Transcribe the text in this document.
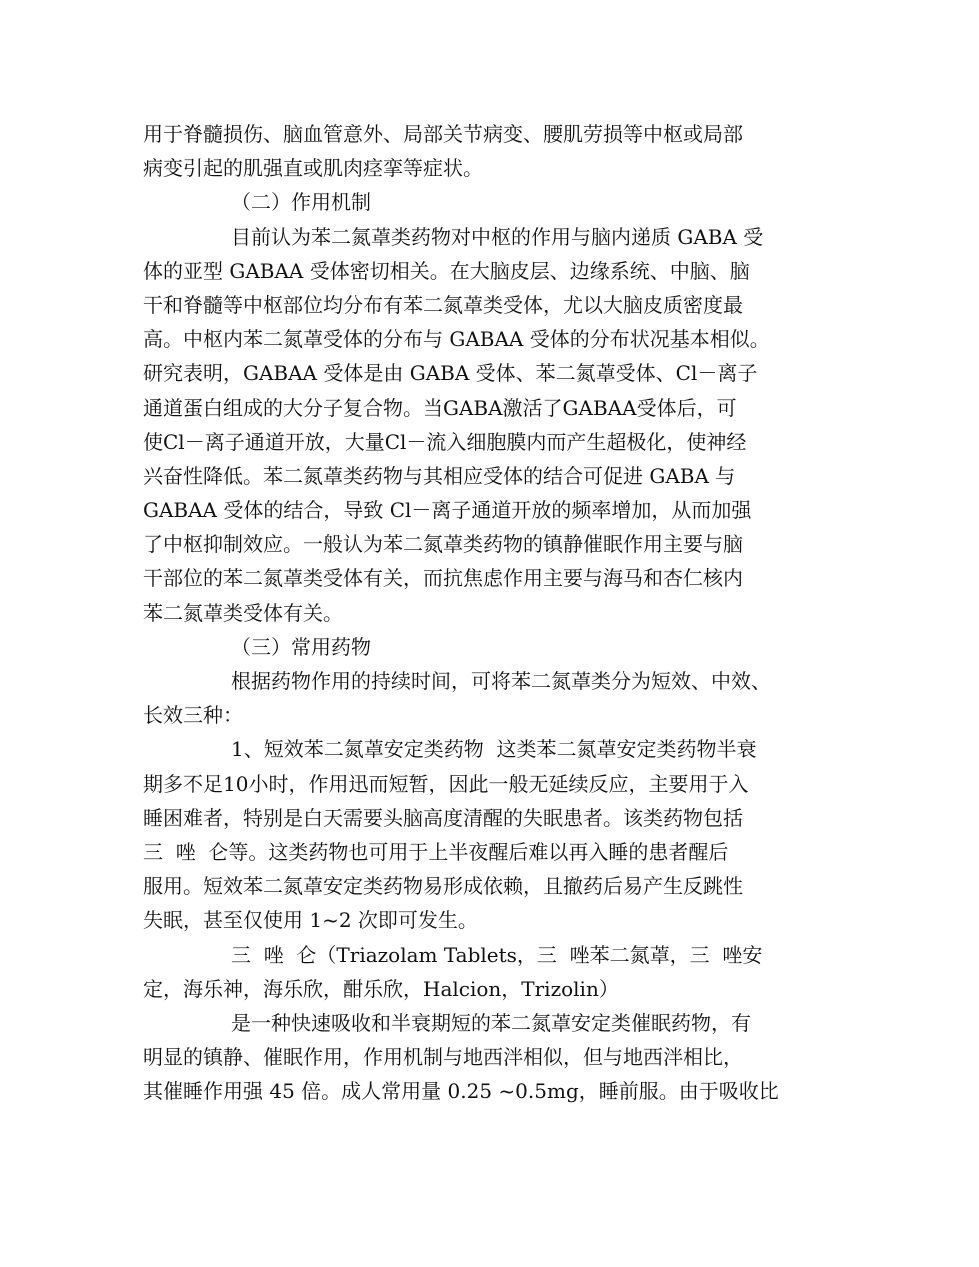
用于脊髓损伤、脑血管意外、局部关节病变、腰肌劳损等中枢或局部
病变引起的肌强直或肌肉痉挛等症状。
（二）作用机制
目前认为苯二氮䓬类药物对中枢的作用与脑内递质 GABA 受
体的亚型 GABAA 受体密切相关。在大脑皮层、边缘系统、中脑、脑
干和脊髓等中枢部位均分布有苯二氮䓬类受体，尤以大脑皮质密度最
高。中枢内苯二氮䓬受体的分布与 GABAA 受体的分布状况基本相似。
研究表明，GABAA 受体是由 GABA 受体、苯二氮䓬受体、Cl－离子
通道蛋白组成的大分子复合物。当GABA激活了GABAA受体后，可
使Cl－离子通道开放，大量Cl－流入细胞膜内而产生超极化，使神经
兴奋性降低。苯二氮䓬类药物与其相应受体的结合可促进 GABA 与
GABAA 受体的结合，导致 Cl－离子通道开放的频率增加，从而加强
了中枢抑制效应。一般认为苯二氮䓬类药物的镇静催眠作用主要与脑
干部位的苯二氮䓬类受体有关，而抗焦虑作用主要与海马和杏仁核内
苯二氮䓬类受体有关。
（三）常用药物
根据药物作用的持续时间，可将苯二氮䓬类分为短效、中效、
长效三种：
1、短效苯二氮䓬安定类药物  这类苯二氮䓬安定类药物半衰
期多不足10小时，作用迅而短暂，因此一般无延续反应，主要用于入
睡困难者，特别是白天需要头脑高度清醒的失眠患者。该类药物包括
三  唑  仑等。这类药物也可用于上半夜醒后难以再入睡的患者醒后
服用。短效苯二氮䓬安定类药物易形成依赖，且撤药后易产生反跳性
失眠，甚至仅使用 1~2 次即可发生。
三  唑  仑（Triazolam Tablets，三  唑苯二氮䓬，三  唑安
定，海乐神，海乐欣，酣乐欣，Halcion，Trizolin）
是一种快速吸收和半衰期短的苯二氮䓬安定类催眠药物，有
明显的镇静、催眠作用，作用机制与地西泮相似，但与地西泮相比，
其催睡作用强 45 倍。成人常用量 0.25 ~0.5mg，睡前服。由于吸收比
